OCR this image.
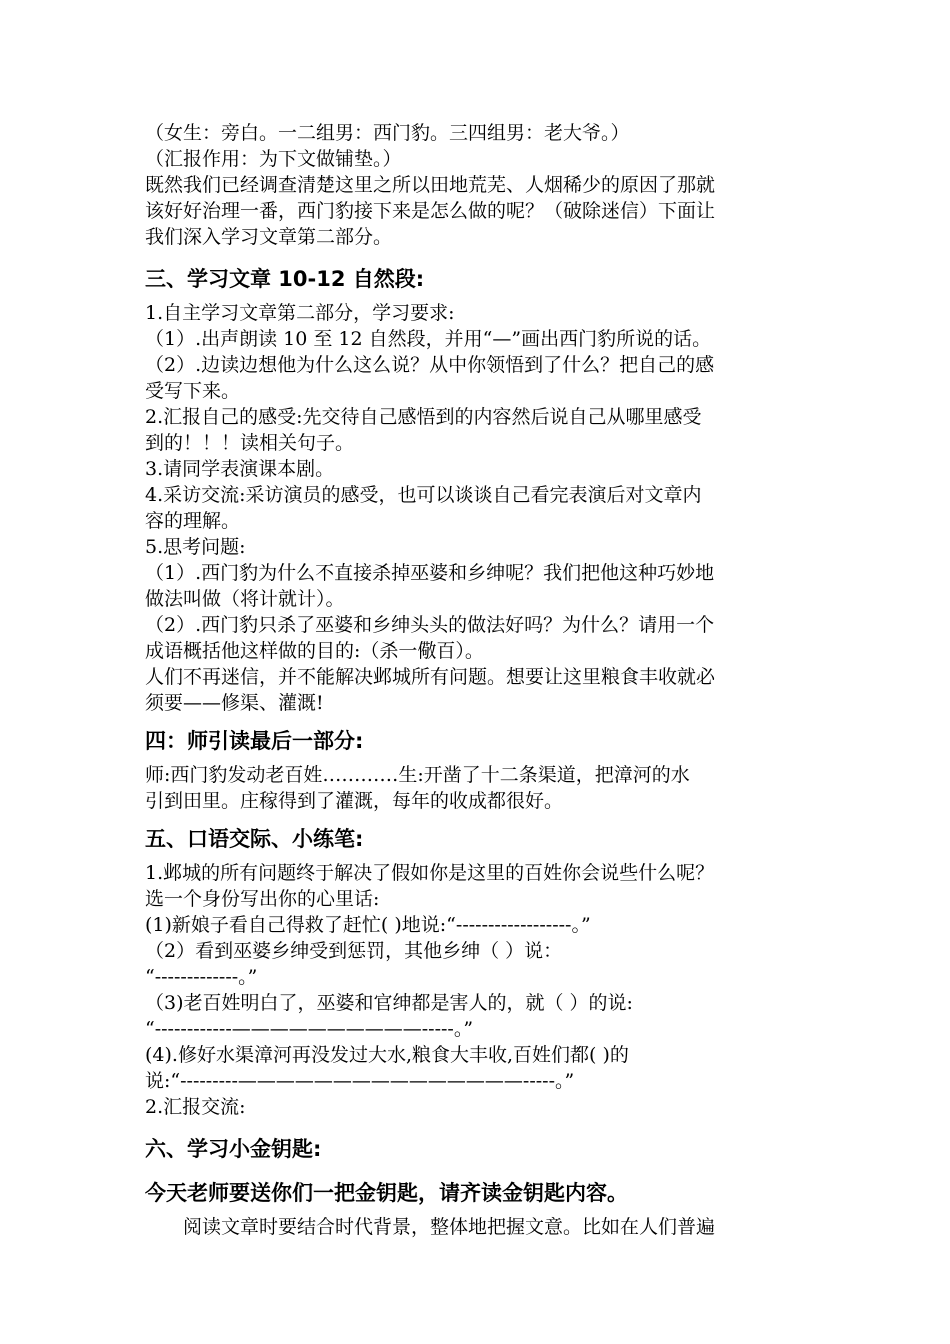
（女生：旁白。一二组男：西门豹。三四组男：老大爷。）
（汇报作用：为下文做铺垫。）
既然我们已经调查清楚这里之所以田地荒芜、人烟稀少的原因了那就
该好好治理一番，西门豹接下来是怎么做的呢？（破除迷信）下面让
我们深入学习文章第二部分。
三、学习文章 10-12 自然段:
1.自主学习文章第二部分，学习要求:
（1）.出声朗读 10 至 12 自然段，并用“—”画出西门豹所说的话。
（2）.边读边想他为什么这么说？从中你领悟到了什么？把自己的感
受写下来。
2.汇报自己的感受:先交待自己感悟到的内容然后说自己从哪里感受
到的！！！读相关句子。
3.请同学表演课本剧。
4.采访交流:采访演员的感受，也可以谈谈自己看完表演后对文章内
容的理解。
5.思考问题:
（1）.西门豹为什么不直接杀掉巫婆和乡绅呢？我们把他这种巧妙地
做法叫做（将计就计）。
（2）.西门豹只杀了巫婆和乡绅头头的做法好吗？为什么？请用一个
成语概括他这样做的目的:（杀一儆百）。
人们不再迷信，并不能解决邺城所有问题。想要让这里粮食丰收就必
须要——修渠、灌溉!
四：师引读最后一部分:
师:西门豹发动老百姓…………生:开凿了十二条渠道，把漳河的水
引到田里。庄稼得到了灌溉，每年的收成都很好。
五、口语交际、小练笔:
1.邺城的所有问题终于解决了假如你是这里的百姓你会说些什么呢？
选一个身份写出你的心里话:
(1)新娘子看自己得救了赶忙( )地说:“------------------。”
（2）看到巫婆乡绅受到惩罚，其他乡绅（ ）说：
“-------------。”
（3)老百姓明白了，巫婆和官绅都是害人的，就（ ）的说:
“------------——————————-----。”
(4).修好水渠漳河再没发过大水,粮食大丰收,百姓们都( )的
说:“---------———————————————-----。”
2.汇报交流:
六、学习小金钥匙:
今天老师要送你们一把金钥匙，请齐读金钥匙内容。
阅读文章时要结合时代背景，整体地把握文意。比如在人们普遍
